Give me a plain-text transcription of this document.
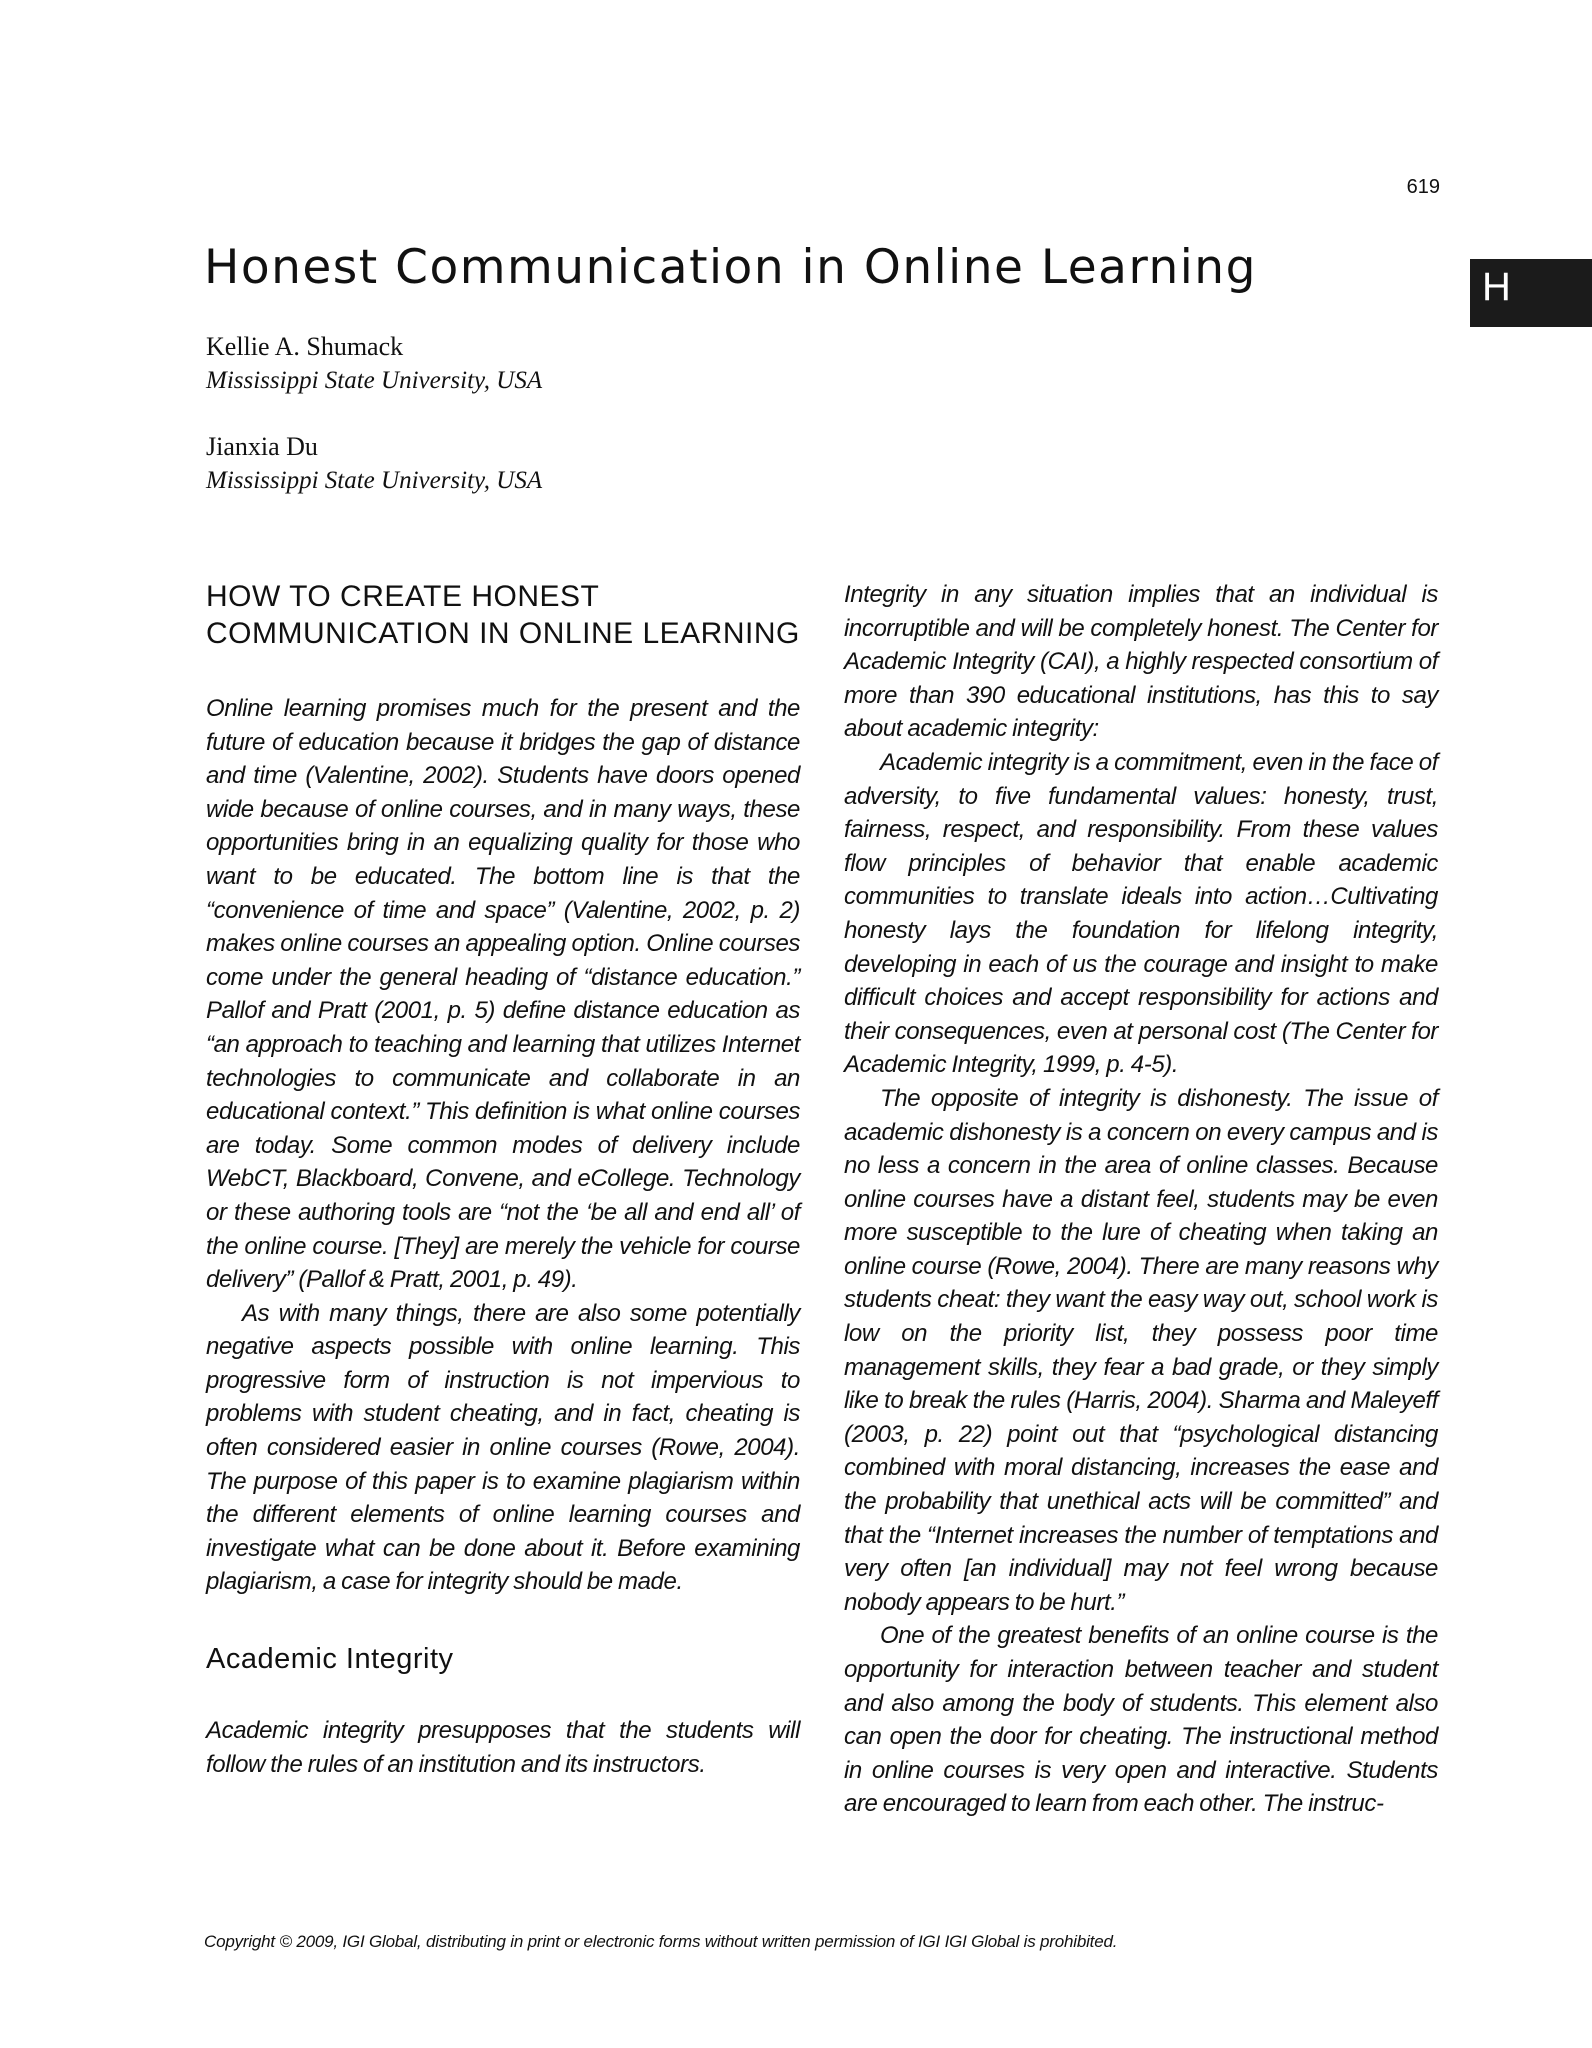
619
H
Honest Communication in Online Learning
Kellie A. Shumack
Mississippi State University, USA
Jianxia Du
Mississippi State University, USA
HOW TO CREATE HONEST COMMUNICATION IN ONLINE LEARNING

Online learning promises much for the present and the future of education because it bridges the gap of distance and time (Valentine, 2002). Students have doors opened wide because of online courses, and in many ways, these opportunities bring in an equalizing quality for those who want to be educated. The bottom line is that the “convenience of time and space” (Valentine, 2002, p. 2) makes online courses an appealing option. Online courses come under the general heading of “distance education.” Pallof and Pratt (2001, p. 5) define distance education as “an approach to teaching and learning that utilizes Internet technologies to communicate and collaborate in an educational context.” This definition is what online courses are today. Some common modes of delivery include WebCT, Blackboard, Convene, and eCollege. Technology or these authoring tools are “not the ‘be all and end all’ of the online course. [They] are merely the vehicle for course delivery” (Pallof & Pratt, 2001, p. 49).

As with many things, there are also some potentially negative aspects possible with online learning. This progressive form of instruction is not impervious to problems with student cheating, and in fact, cheating is often considered easier in online courses (Rowe, 2004). The purpose of this paper is to examine plagiarism within the different elements of online learning courses and investigate what can be done about it. Before examining plagiarism, a case for integrity should be made.

Academic Integrity

Academic integrity presupposes that the students will follow the rules of an institution and its instructors.

Integrity in any situation implies that an individual is incorruptible and will be completely honest. The Center for Academic Integrity (CAI), a highly respected consortium of more than 390 educational institutions, has this to say about academic integrity:

Academic integrity is a commitment, even in the face of adversity, to five fundamental values: honesty, trust, fairness, respect, and responsibility. From these values flow principles of behavior that enable academic communities to translate ideals into action…Cultivating honesty lays the foundation for lifelong integrity, developing in each of us the courage and insight to make difficult choices and accept responsibility for actions and their consequences, even at personal cost (The Center for Academic Integrity, 1999, p. 4-5).

The opposite of integrity is dishonesty. The issue of academic dishonesty is a concern on every campus and is no less a concern in the area of online classes. Because online courses have a distant feel, students may be even more susceptible to the lure of cheating when taking an online course (Rowe, 2004). There are many reasons why students cheat: they want the easy way out, school work is low on the priority list, they possess poor time management skills, they fear a bad grade, or they simply like to break the rules (Harris, 2004). Sharma and Maleyeff (2003, p. 22) point out that “psychological distancing combined with moral distancing, increases the ease and the probability that unethical acts will be committed” and that the “Internet increases the number of temptations and very often [an individual] may not feel wrong because nobody appears to be hurt.”

One of the greatest benefits of an online course is the opportunity for interaction between teacher and student and also among the body of students. This element also can open the door for cheating. The instructional method in online courses is very open and interactive. Students are encouraged to learn from each other. The instruc-

Copyright © 2009, IGI Global, distributing in print or electronic forms without written permission of IGI IGI Global is prohibited.
